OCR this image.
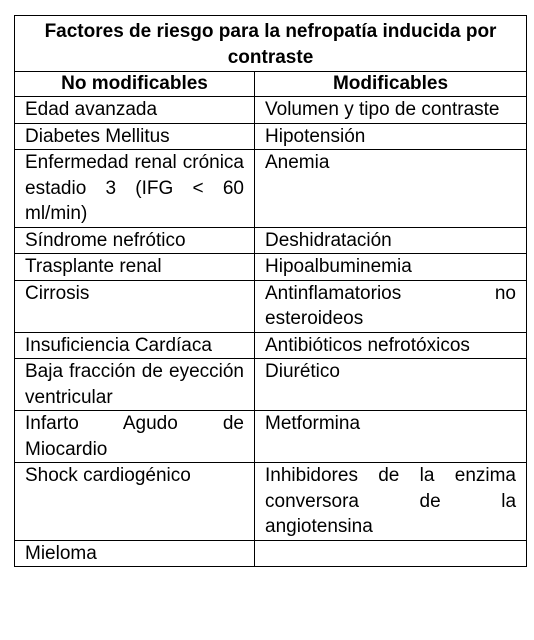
Factores de riesgo para la nefropatía inducida por contraste	
No modificables	Modificables
Edad avanzada	Volumen y tipo de contraste
Diabetes Mellitus	Hipotensión
Enfermedad renal crónica estadio 3 (IFG < 60 ml/min)	Anemia
Síndrome nefrótico	Deshidratación
Trasplante renal	Hipoalbuminemia
Cirrosis	Antinflamatorios no esteroideos
Insuficiencia Cardíaca	Antibióticos nefrotóxicos
Baja fracción de eyección ventricular	Diurético
Infarto Agudo de Miocardio	Metformina
Shock cardiogénico	Inhibidores de la enzima conversora de la angiotensina
Mieloma	
